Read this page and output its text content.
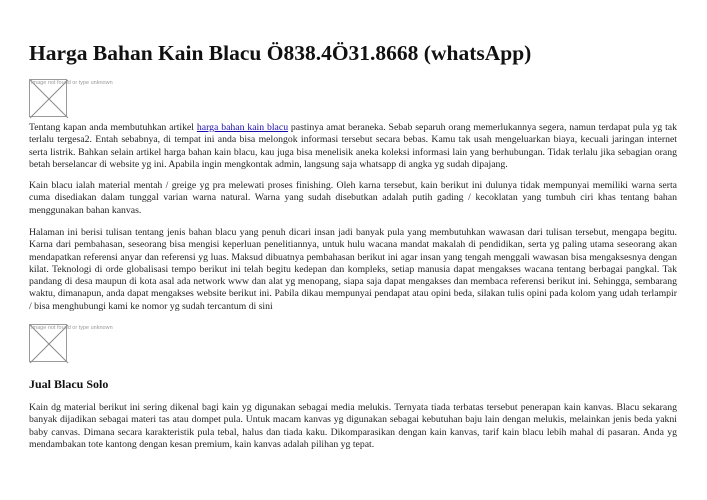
Harga Bahan Kain Blacu Ö838.4Ö31.8668 (whatsApp)
Image not found or type unknown

Tentang kapan anda membutuhkan artikel harga bahan kain blacu pastinya amat beraneka. Sebab separuh orang memerlukannya segera, namun terdapat pula yg tak terlalu tergesa2. Entah sebabnya, di tempat ini anda bisa melongok informasi tersebut secara bebas. Kamu tak usah mengeluarkan biaya, kecuali jaringan internet serta listrik. Bahkan selain artikel harga bahan kain blacu, kau juga bisa menelisik aneka koleksi informasi lain yang berhubungan. Tidak terlalu jika sebagian orang betah berselancar di website yg ini. Apabila ingin mengkontak admin, langsung saja whatsapp di angka yg sudah dipajang.

Kain blacu ialah material mentah / greige yg pra melewati proses finishing. Oleh karna tersebut, kain berikut ini dulunya tidak mempunyai memiliki warna serta cuma disediakan dalam tunggal varian warna natural. Warna yang sudah disebutkan adalah putih gading / kecoklatan yang tumbuh ciri khas tentang bahan menggunakan bahan kanvas.

Halaman ini berisi tulisan tentang jenis bahan blacu yang penuh dicari insan jadi banyak pula yang membutuhkan wawasan dari tulisan tersebut, mengapa begitu. Karna dari pembahasan, seseorang bisa mengisi keperluan penelitiannya, untuk hulu wacana mandat makalah di pendidikan, serta yg paling utama seseorang akan mendapatkan referensi anyar dan referensi yg luas. Maksud dibuatnya pembahasan berikut ini agar insan yang tengah menggali wawasan bisa mengaksesnya dengan kilat. Teknologi di orde globalisasi tempo berikut ini telah begitu kedepan dan kompleks, setiap manusia dapat mengakses wacana tentang berbagai pangkal. Tak pandang di desa maupun di kota asal ada network www dan alat yg menopang, siapa saja dapat mengakses dan membaca referensi berikut ini. Sehingga, sembarang waktu, dimanapun, anda dapat mengakses website berikut ini. Pabila dikau mempunyai pendapat atau opini beda, silakan tulis opini pada kolom yang udah terlampir / bisa menghubungi kami ke nomor yg sudah tercantum di sini

Image not found or type unknown
Jual Blacu Solo

Kain dg material berikut ini sering dikenal bagi kain yg digunakan sebagai media melukis. Ternyata tiada terbatas tersebut penerapan kain kanvas. Blacu sekarang banyak dijadikan sebagai materi tas atau dompet pula. Untuk macam kanvas yg digunakan sebagai kebutuhan baju lain dengan melukis, melainkan jenis beda yakni baby canvas. Dimana secara karakteristik pula tebal, halus dan tiada kaku. Dikomparasikan dengan kain kanvas, tarif kain blacu lebih mahal di pasaran. Anda yg mendambakan tote kantong dengan kesan premium, kain kanvas adalah pilihan yg tepat.
